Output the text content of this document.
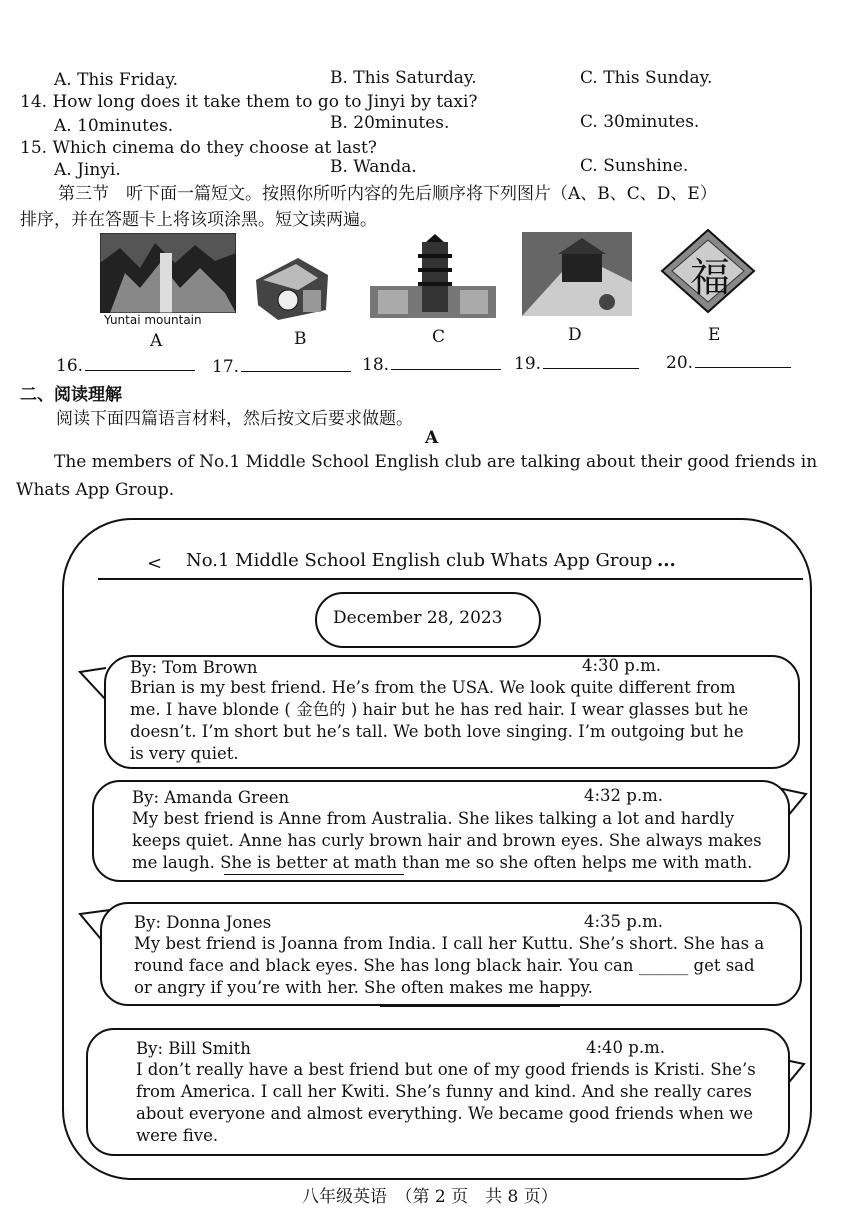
A. This Friday.	B. This Saturday.	C. This Sunday.
14. How long does it take them to go to Jinyi by taxi?
A. 10minutes.	B. 20minutes.	C. 30minutes.
15. Which cinema do they choose at last?
A. Jinyi.	B. Wanda.	C. Sunshine.
第三节　听下面一篇短文。按照你所听内容的先后顺序将下列图片（A、B、C、D、E）
排序，并在答题卡上将该项涂黑。短文读两遍。
Yuntai mountain
福
A	B	C	D	E
16.	17.	18.	19.	20.
二、阅读理解
阅读下面四篇语言材料，然后按文后要求做题。
A
The members of No.1 Middle School English club are talking about their good friends in
Whats App Group.
< No.1 Middle School English club Whats App Group ...
December 28, 2023
By: Tom Brown	4:30 p.m.
Brian is my best friend. He’s from the USA. We look quite different from
me. I have blonde ( 金色的 ) hair but he has red hair. I wear glasses but he
doesn’t. I’m short but he’s tall. We both love singing. I’m outgoing but he
is very quiet.
By: Amanda Green	4:32 p.m.
My best friend is Anne from Australia. She likes talking a lot and hardly
keeps quiet. Anne has curly brown hair and brown eyes. She always makes
me laugh. She is better at math than me so she often helps me with math.
By: Donna Jones	4:35 p.m.
My best friend is Joanna from India. I call her Kuttu. She’s short. She has a
round face and black eyes. She has long black hair. You can ______ get sad
or angry if you’re with her. She often makes me happy.
By: Bill Smith	4:40 p.m.
I don’t really have a best friend but one of my good friends is Kristi. She’s
from America. I call her Kwiti. She’s funny and kind. And she really cares
about everyone and almost everything. We became good friends when we
were five.
八年级英语　（第 2 页　共 8 页）
